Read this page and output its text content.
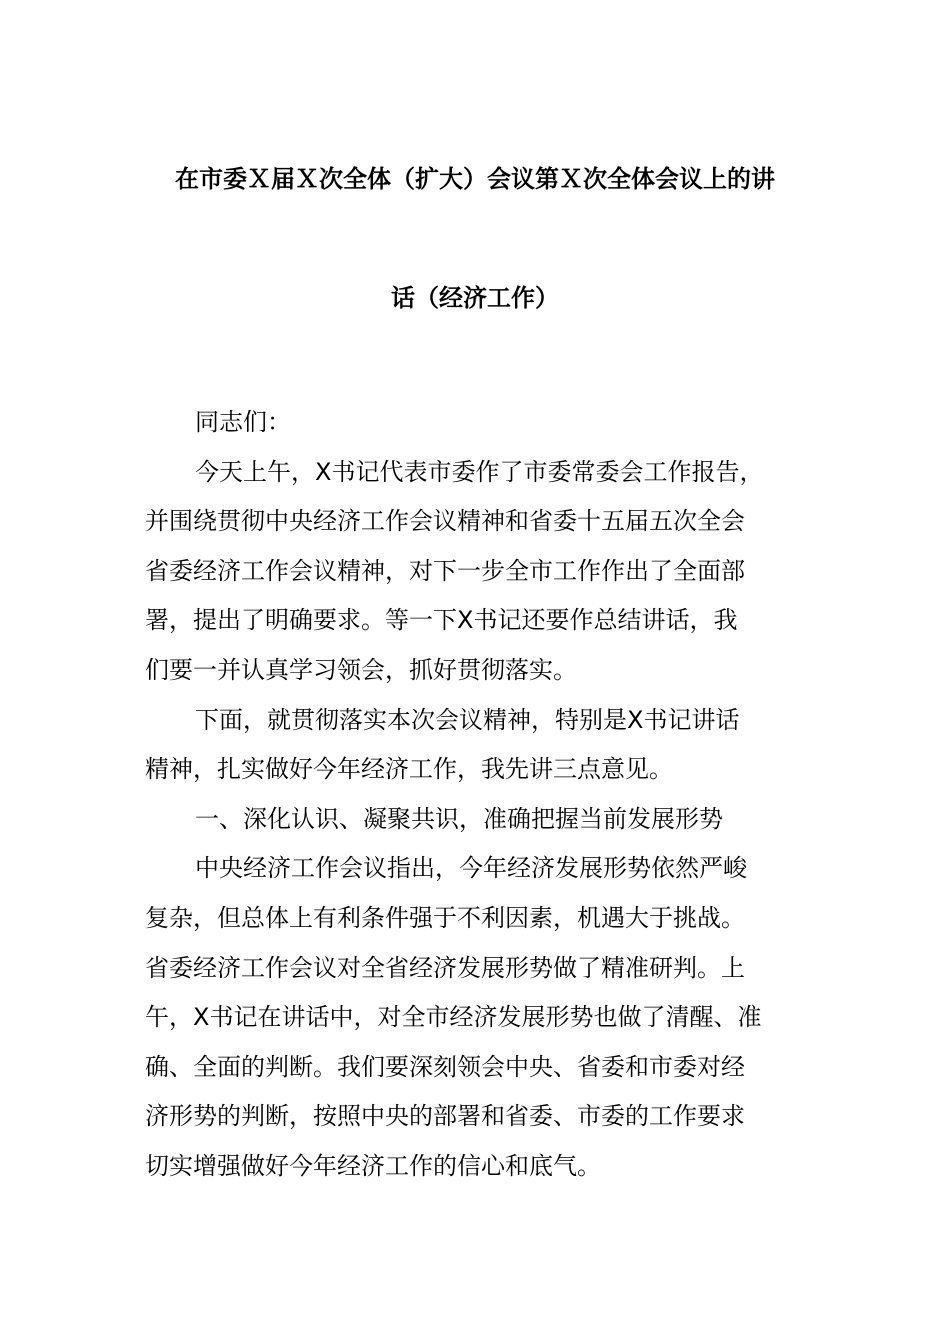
在市委Ｘ届Ｘ次全体（扩大）会议第Ｘ次全体会议上的讲
话（经济工作）
同志们：
今天上午，X书记代表市委作了市委常委会工作报告，
并围绕贯彻中央经济工作会议精神和省委十五届五次全会
省委经济工作会议精神，对下一步全市工作作出了全面部
署，提出了明确要求。等一下X书记还要作总结讲话，我
们要一并认真学习领会，抓好贯彻落实。
下面，就贯彻落实本次会议精神，特别是X书记讲话
精神，扎实做好今年经济工作，我先讲三点意见。
一、深化认识、凝聚共识，准确把握当前发展形势
中央经济工作会议指出，今年经济发展形势依然严峻
复杂，但总体上有利条件强于不利因素，机遇大于挑战。
省委经济工作会议对全省经济发展形势做了精准研判。上
午，X书记在讲话中，对全市经济发展形势也做了清醒、准
确、全面的判断。我们要深刻领会中央、省委和市委对经
济形势的判断，按照中央的部署和省委、市委的工作要求
切实增强做好今年经济工作的信心和底气。
